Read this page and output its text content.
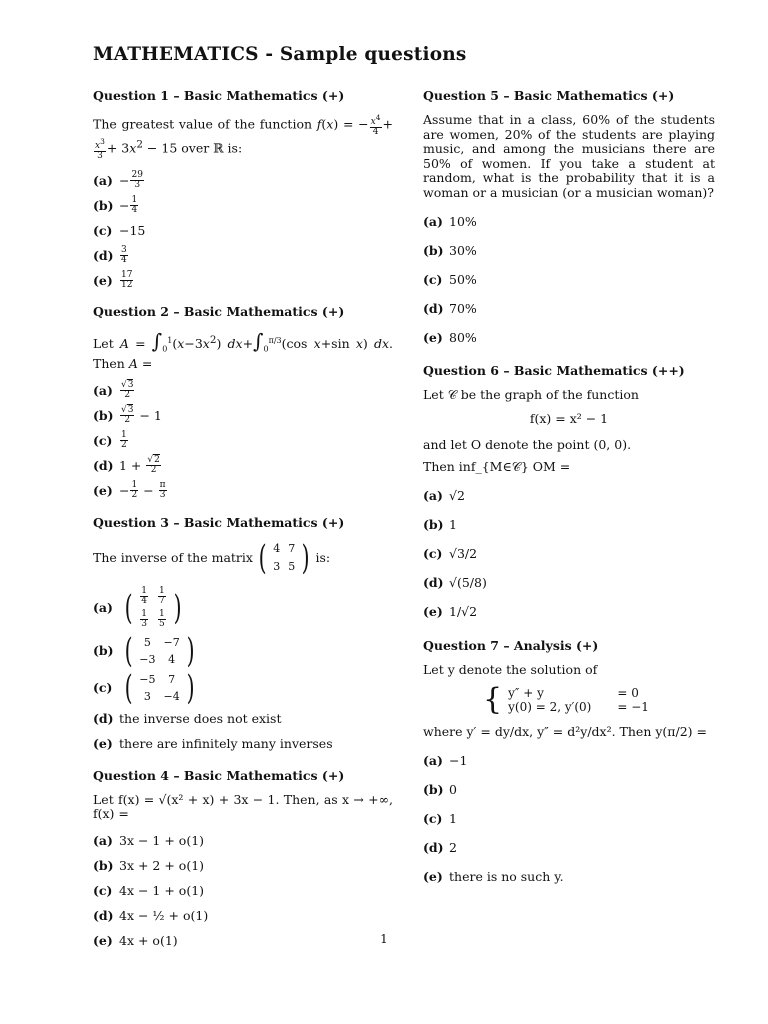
MATHEMATICS - Sample questions
Question 1 – Basic Mathematics (+)
The greatest value of the function f(x) = − $\frac{x^4}{4}$ +
$\frac{x^3}{3} + 3x^2 - 15$ over ℝ is:
$(a) - \frac{29}{3}$
$(b) - \frac{1}{4}$
(c) −15
$(d) \frac{3}{4}$
$(e) \frac{17}{12}$
Question 2 – Basic Mathematics (+)
Let $A = \int_0^1(x-3x^2)$ $dx+\int_0^{\pi/3}(\cos$ x+sin x) dx. Then A =
$(a) \frac{√3}{2}$
$(b) \frac{√3}{2} - 1$
$(c) \frac{1}{2}$
(d) $1 + \frac{√2}{2}$
$(e) - \frac{1}{2} - \frac{\pi}{3}$
Question 3 – Basic Mathematics (+)
The inverse of the matrix ( 4	7
3	5 ) is:
(a) ( $\frac{1}{4}$	$\frac{1}{7}$

$\frac{1}{3}$	$\frac{1}{5}$ )
(b) ( 5	−7
−3	4 )
(c) ( −5	7
3	−4 )
(d) the inverse does not exist
(e) there are infinitely many inverses
Question 4 – Basic Mathematics (+)
Let f(x) = √(x² + x) + 3x − 1. Then, as x → +∞, f(x) =
(a) 3x − 1 + o(1)
(b) 3x + 2 + o(1)
(c) 4x − 1 + o(1)
(d) 4x − ½ + o(1)
(e) 4x + o(1)
Question 5 – Basic Mathematics (+)
Assume that in a class, 60% of the students are women, 20% of the students are playing music, and among the musicians there are 50% of women. If you take a student at random, what is the probability that it is a woman or a musician (or a musician woman)?
(a) 10%
(b) 30%
(c) 50%
(d) 70%
(e) 80%
Question 6 – Basic Mathematics (++)
Let 𝒞 be the graph of the function
f(x) = x² − 1
and let O denote the point (0, 0).
Then inf_{M∈𝒞} OM =
(a) √2
(b) 1
(c) √3/2
(d) √(5/8)
(e) 1/√2
Question 7 – Analysis (+)
Let y denote the solution of
{ y″ + y	= 0
y(0) = 2, y′(0)	= −1
where y′ = dy/dx, y″ = d²y/dx². Then y(π/2) =
(a) −1
(b) 0
(c) 1
(d) 2
(e) there is no such y.
1
